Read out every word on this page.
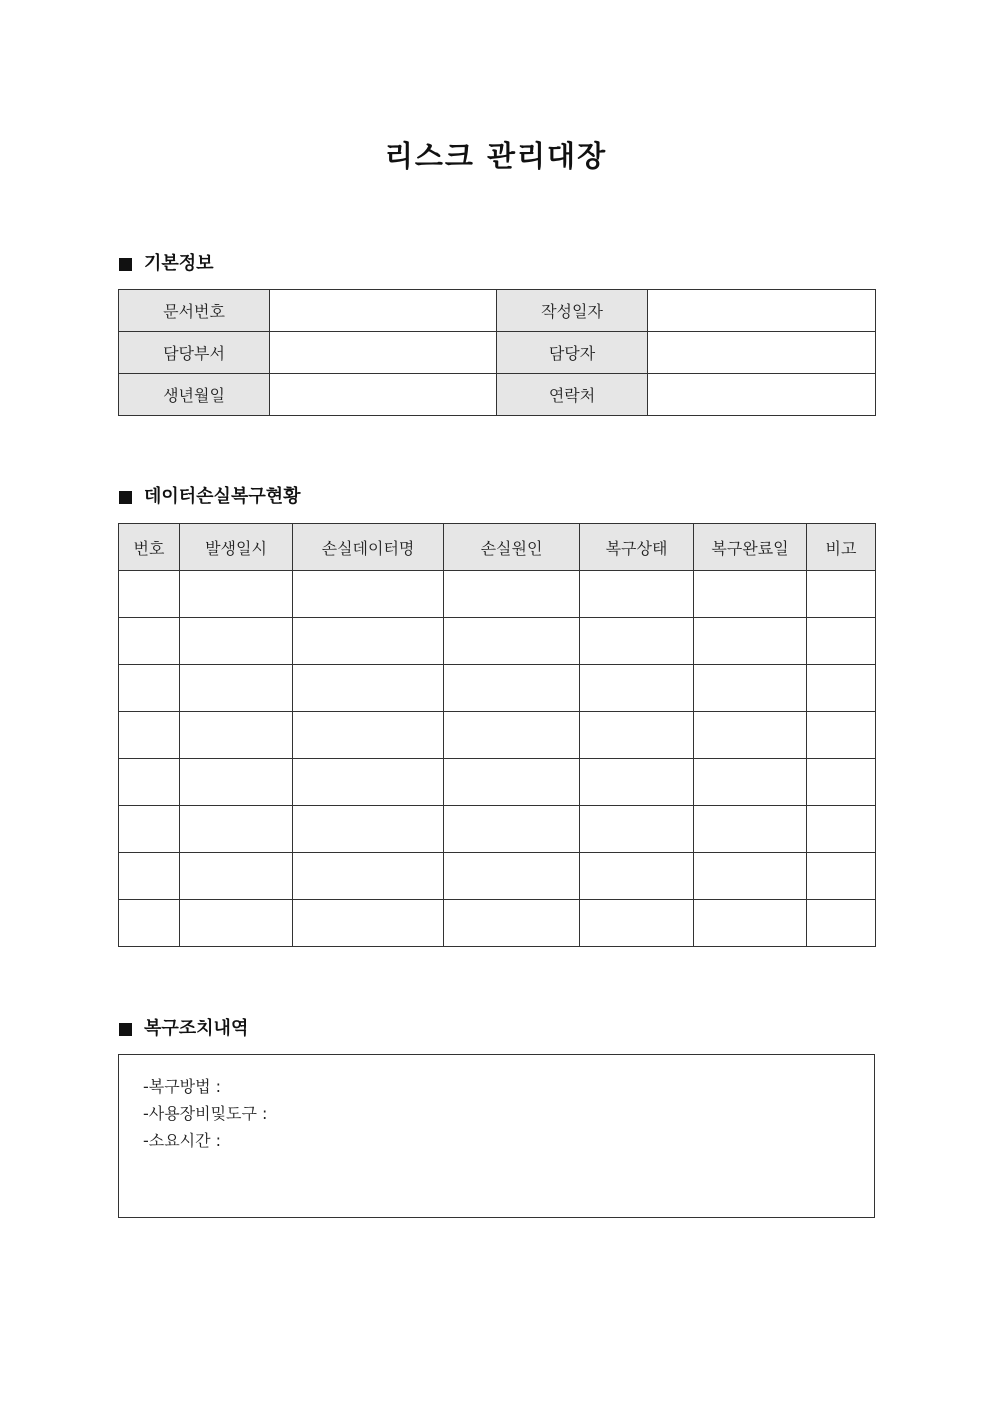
리스크 관리대장
기본정보
문서번호		작성일자	
담당부서		담당자	
생년월일		연락처	
데이터손실복구현황
번호	발생일시	손실데이터명	손실원인	복구상태	복구완료일	비고

복구조치내역
-복구방법 :
-사용장비및도구 :
-소요시간 :
